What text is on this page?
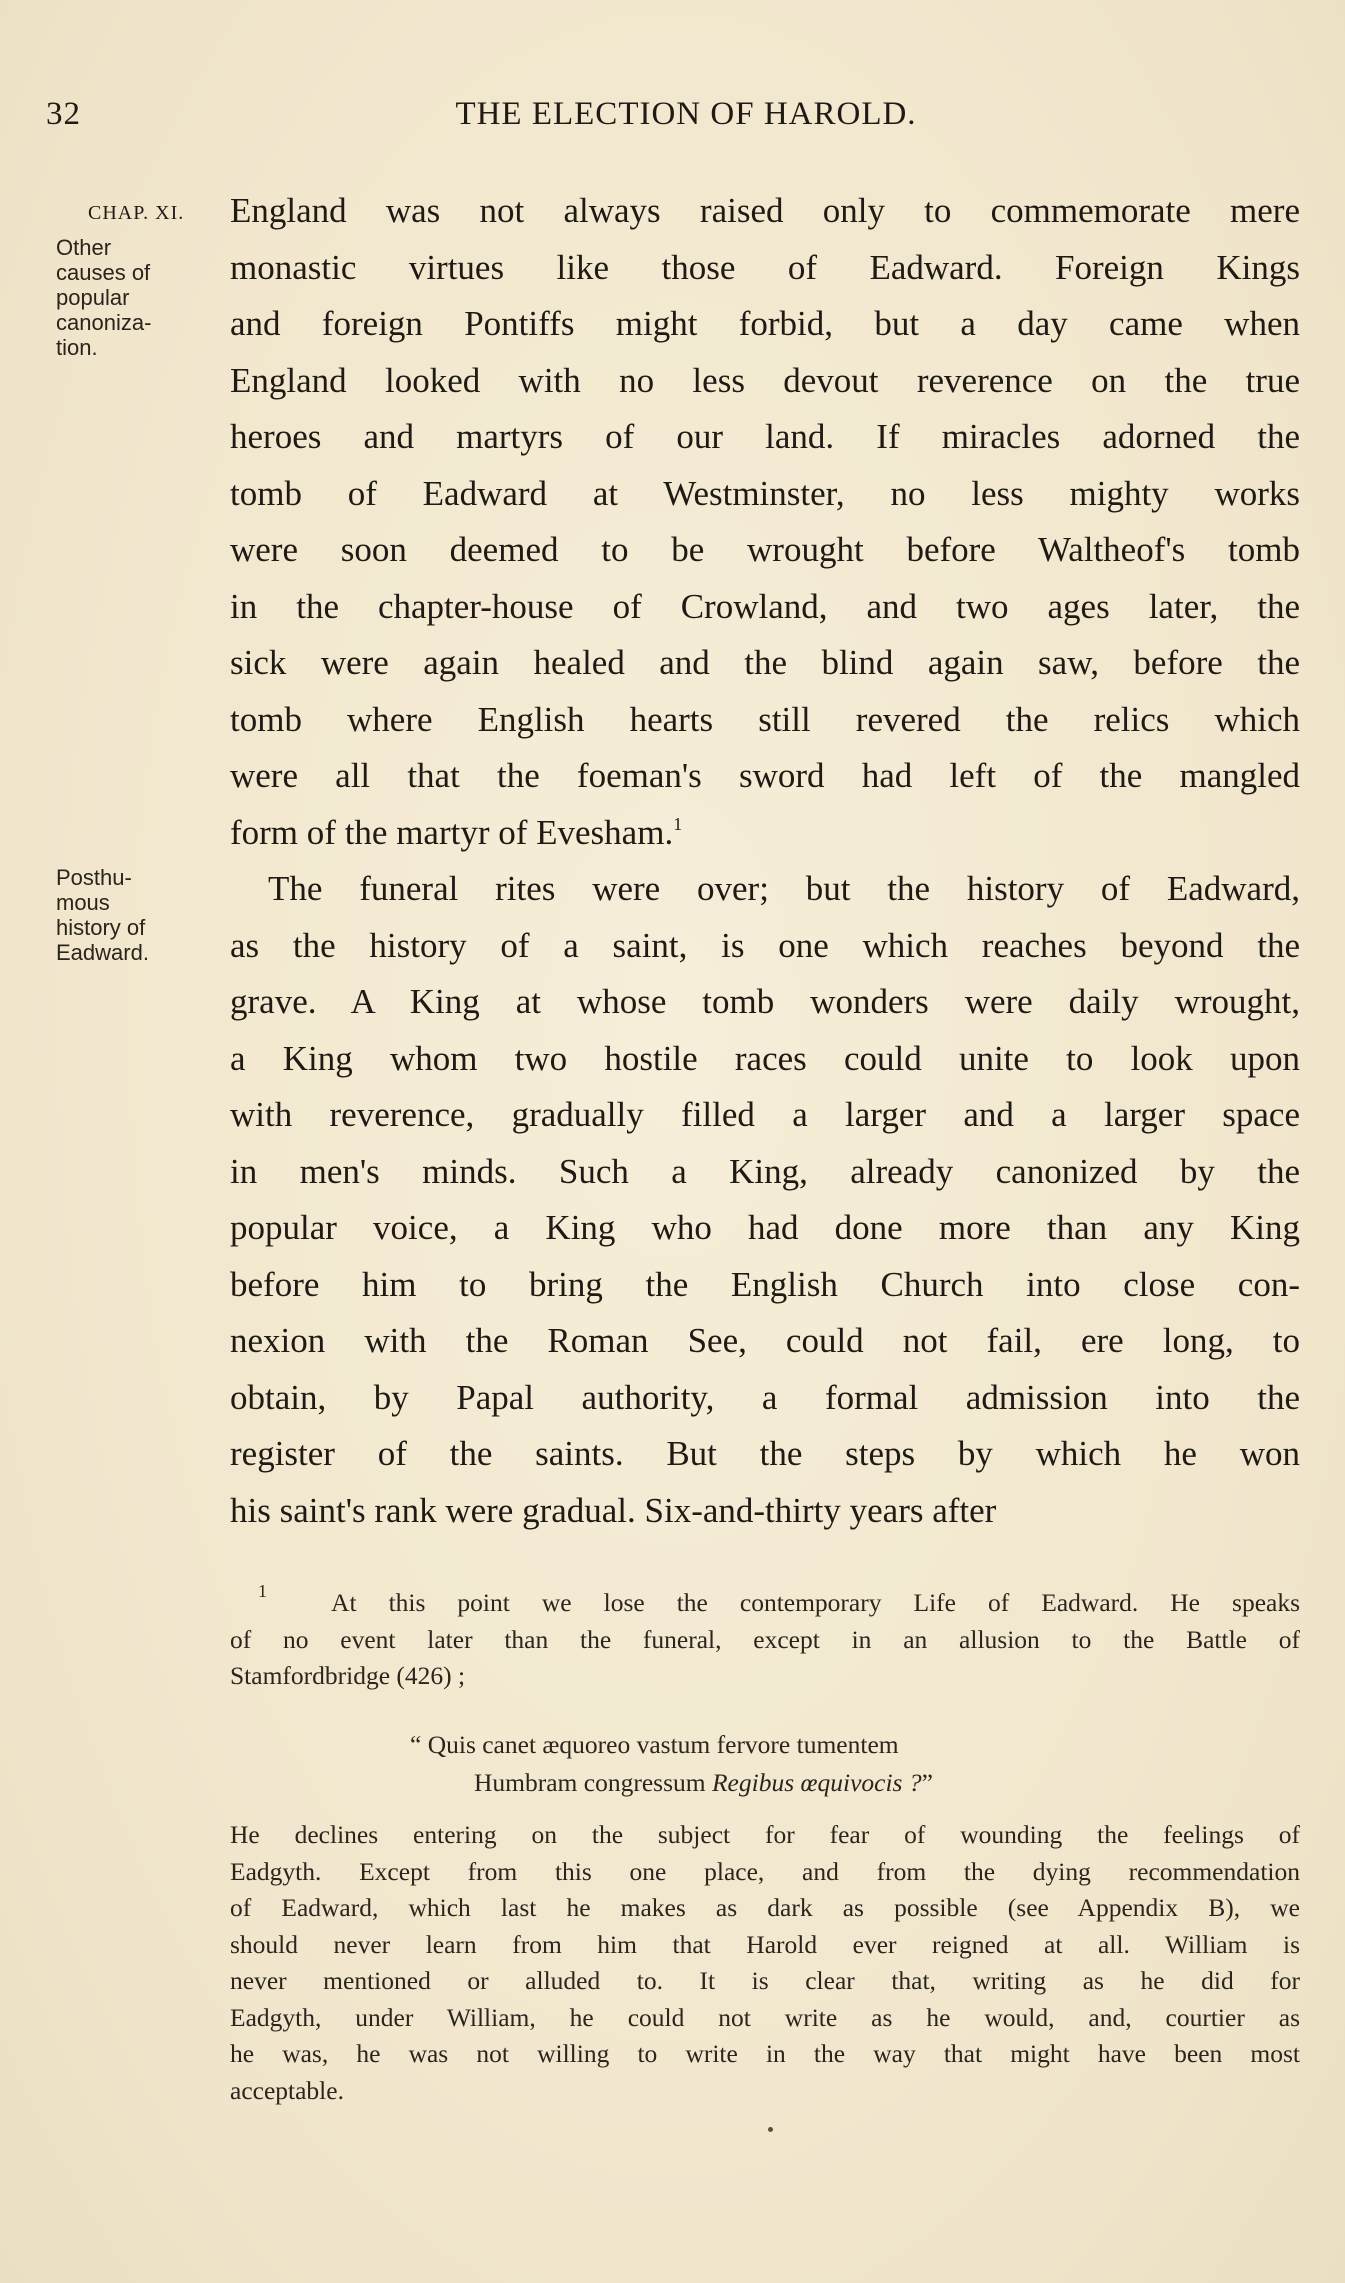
32	THE ELECTION OF HAROLD.
CHAP. XI.
Other
causes of
popular
canoniza-
tion.
Posthu-
mous
history of
Eadward.
England was not always raised only to commemorate mere
monastic virtues like those of Eadward. Foreign Kings
and foreign Pontiffs might forbid, but a day came when
England looked with no less devout reverence on the true
heroes and martyrs of our land. If miracles adorned the
tomb of Eadward at Westminster, no less mighty works
were soon deemed to be wrought before Waltheof's tomb
in the chapter-house of Crowland, and two ages later, the
sick were again healed and the blind again saw, before the
tomb where English hearts still revered the relics which
were all that the foeman's sword had left of the mangled
form of the martyr of Evesham.$^1$
The funeral rites were over; but the history of Eadward,
as the history of a saint, is one which reaches beyond the
grave. A King at whose tomb wonders were daily wrought,
a King whom two hostile races could unite to look upon
with reverence, gradually filled a larger and a larger space
in men's minds. Such a King, already canonized by the
popular voice, a King who had done more than any King
before him to bring the English Church into close con-
nexion with the Roman See, could not fail, ere long, to
obtain, by Papal authority, a formal admission into the
register of the saints. But the steps by which he won
his saint's rank were gradual. Six-and-thirty years after
$^1$	At this point we lose the contemporary Life of Eadward. He speaks
of no event later than the funeral, except in an allusion to the Battle of
Stamfordbridge (426) ;
“ Quis canet æquoreo vastum fervore tumentem
Humbram congressum Regibus œquivocis ?”
He declines entering on the subject for fear of wounding the feelings of
Eadgyth. Except from this one place, and from the dying recommendation
of Eadward, which last he makes as dark as possible (see Appendix B), we
should never learn from him that Harold ever reigned at all. William is
never mentioned or alluded to. It is clear that, writing as he did for
Eadgyth, under William, he could not write as he would, and, courtier as
he was, he was not willing to write in the way that might have been most
acceptable.
